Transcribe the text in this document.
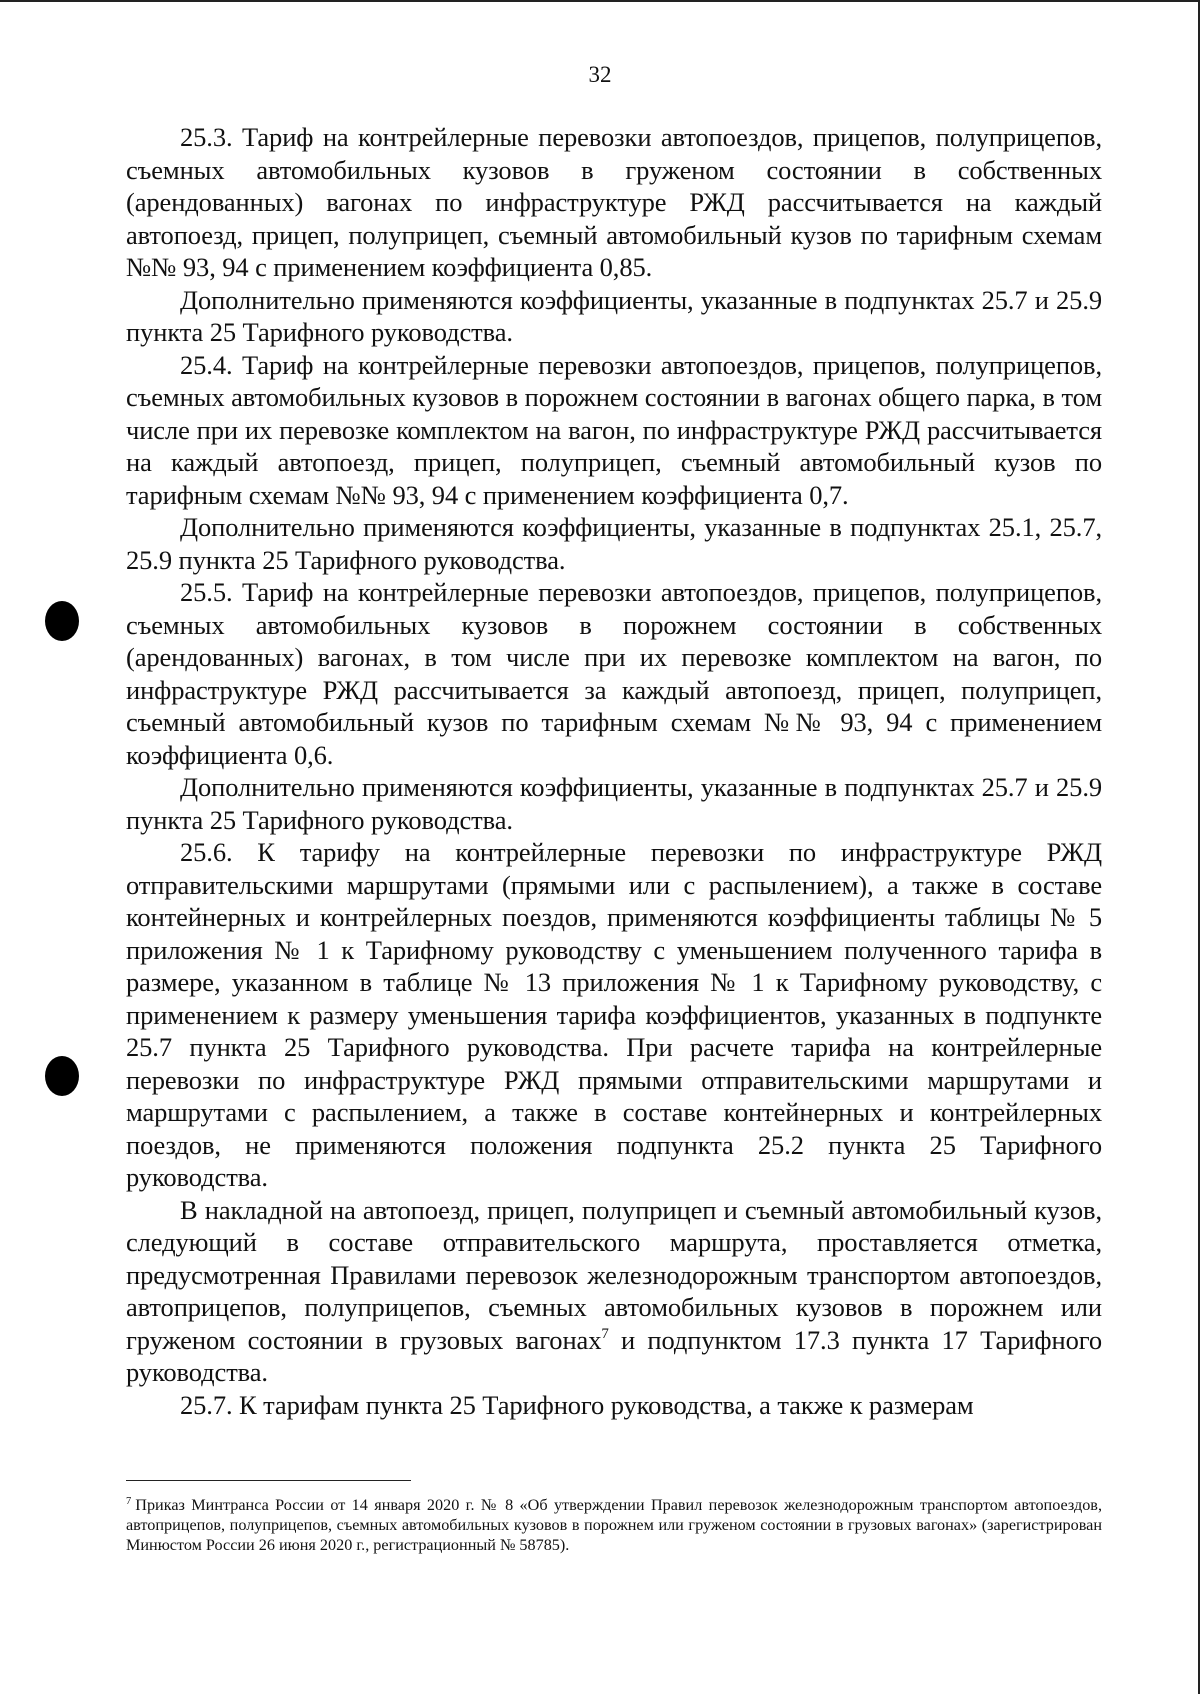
32

25.3. Тариф на контрейлерные перевозки автопоездов, прицепов, полуприцепов, съемных автомобильных кузовов в груженом состоянии в собственных (арендованных) вагонах по инфраструктуре РЖД рассчитывается на каждый автопоезд, прицеп, полуприцеп, съемный автомобильный кузов по тарифным схемам №№ 93, 94 с применением коэффициента 0,85.

Дополнительно применяются коэффициенты, указанные в подпунктах 25.7 и 25.9 пункта 25 Тарифного руководства.

25.4. Тариф на контрейлерные перевозки автопоездов, прицепов, полуприцепов, съемных автомобильных кузовов в порожнем состоянии в вагонах общего парка, в том числе при их перевозке комплектом на вагон, по инфраструктуре РЖД рассчитывается на каждый автопоезд, прицеп, полуприцеп, съемный автомобильный кузов по тарифным схемам №№ 93, 94 с применением коэффициента 0,7.

Дополнительно применяются коэффициенты, указанные в подпунктах 25.1, 25.7, 25.9 пункта 25 Тарифного руководства.

25.5. Тариф на контрейлерные перевозки автопоездов, прицепов, полуприцепов, съемных автомобильных кузовов в порожнем состоянии в собственных (арендованных) вагонах, в том числе при их перевозке комплектом на вагон, по инфраструктуре РЖД рассчитывается за каждый автопоезд, прицеп, полуприцеп, съемный автомобильный кузов по тарифным схемам №№ 93, 94 с применением коэффициента 0,6.

Дополнительно применяются коэффициенты, указанные в подпунктах 25.7 и 25.9 пункта 25 Тарифного руководства.

25.6. К тарифу на контрейлерные перевозки по инфраструктуре РЖД отправительскими маршрутами (прямыми или с распылением), а также в составе контейнерных и контрейлерных поездов, применяются коэффициенты таблицы № 5 приложения № 1 к Тарифному руководству с уменьшением полученного тарифа в размере, указанном в таблице № 13 приложения № 1 к Тарифному руководству, с применением к размеру уменьшения тарифа коэффициентов, указанных в подпункте 25.7 пункта 25 Тарифного руководства. При расчете тарифа на контрейлерные перевозки по инфраструктуре РЖД прямыми отправительскими маршрутами и маршрутами с распылением, а также в составе контейнерных и контрейлерных поездов, не применяются положения подпункта 25.2 пункта 25 Тарифного руководства.

В накладной на автопоезд, прицеп, полуприцеп и съемный автомобильный кузов, следующий в составе отправительского маршрута, проставляется отметка, предусмотренная Правилами перевозок железнодорожным транспортом автопоездов, автоприцепов, полуприцепов, съемных автомобильных кузовов в порожнем или груженом состоянии в грузовых вагонах$^7$ и подпунктом 17.3 пункта 17 Тарифного руководства.

25.7. К тарифам пункта 25 Тарифного руководства, а также к размерам

$^7$ Приказ Минтранса России от 14 января 2020 г. № 8 «Об утверждении Правил перевозок железнодорожным транспортом автопоездов, автоприцепов, полуприцепов, съемных автомобильных кузовов в порожнем или груженом состоянии в грузовых вагонах» (зарегистрирован Минюстом России 26 июня 2020 г., регистрационный № 58785).
